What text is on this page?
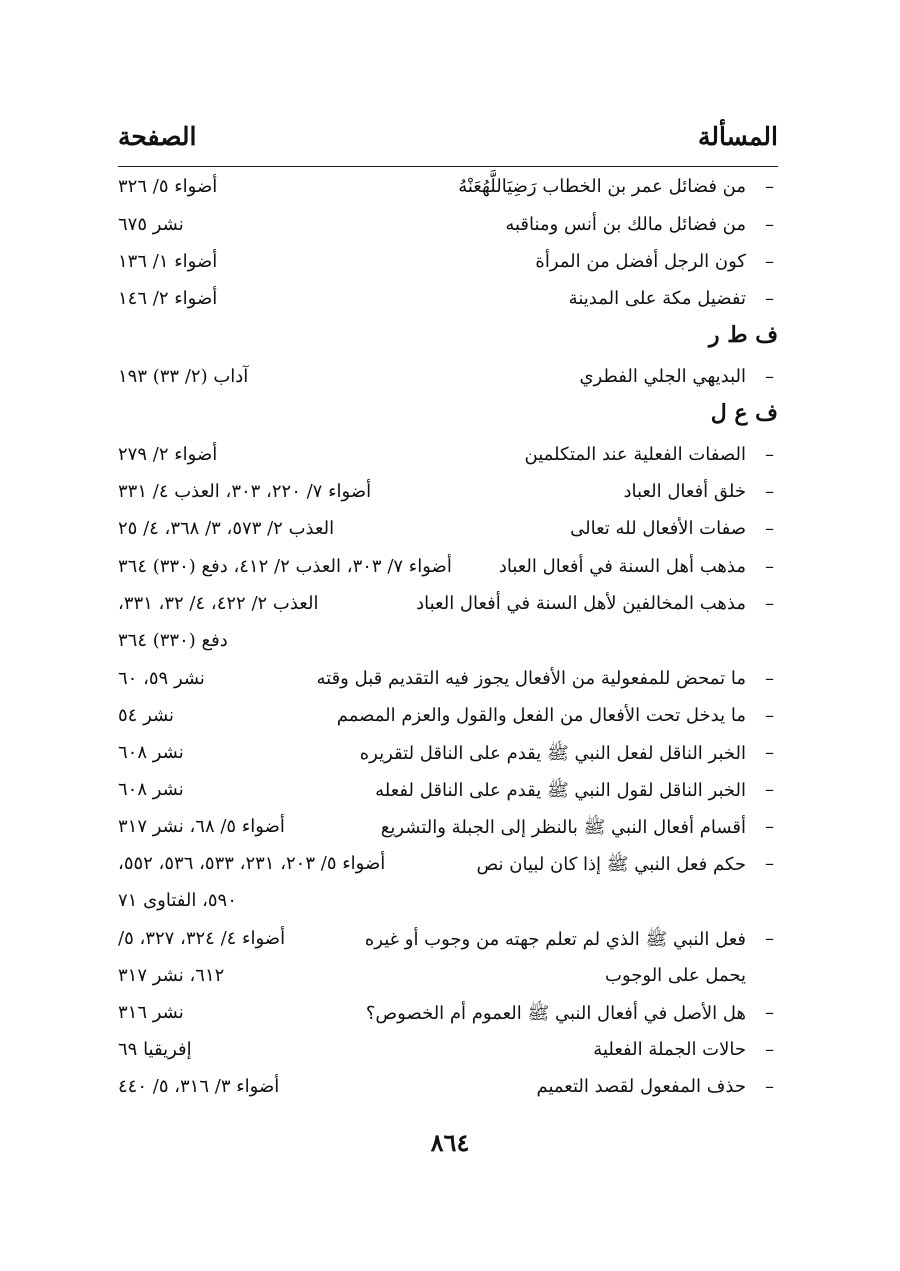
المسألة
الصفحة
–
من فضائل عمر بن الخطاب رَضِيَاللَّهُعَنْهُ
أضواء ٥/ ٣٢٦
–
من فضائل مالك بن أنس ومناقبه
نشر ٦٧٥
–
كون الرجل أفضل من المرأة
أضواء ١/ ١٣٦
–
تفضيل مكة على المدينة
أضواء ٢/ ١٤٦
ف ط ر
–
البديهي الجلي الفطري
آداب (٢/ ٣٣) ١٩٣
ف ع ل
–
الصفات الفعلية عند المتكلمين
أضواء ٢/ ٢٧٩
–
خلق أفعال العباد
أضواء ٧/ ٢٢٠، ٣٠٣، العذب ٤/ ٣٣١
–
صفات الأفعال لله تعالى
العذب ٢/ ٥٧٣، ٣/ ٣٦٨، ٤/ ٢٥
–
مذهب أهل السنة في أفعال العباد
أضواء ٧/ ٣٠٣، العذب ٢/ ٤١٢، دفع (٣٣٠) ٣٦٤
–
مذهب المخالفين لأهل السنة في أفعال العباد
العذب ٢/ ٤٢٢، ٤/ ٣٢، ٣٣١،
دفع (٣٣٠) ٣٦٤
–
ما تمحض للمفعولية من الأفعال يجوز فيه التقديم قبل وقته
نشر ٥٩، ٦٠
–
ما يدخل تحت الأفعال من الفعل والقول والعزم المصمم
نشر ٥٤
–
الخبر الناقل لفعل النبي ﷺ يقدم على الناقل لتقريره
نشر ٦٠٨
–
الخبر الناقل لقول النبي ﷺ يقدم على الناقل لفعله
نشر ٦٠٨
–
أقسام أفعال النبي ﷺ بالنظر إلى الجبلة والتشريع
أضواء ٥/ ٦٨، نشر ٣١٧
–
حكم فعل النبي ﷺ إذا كان لبيان نص
أضواء ٥/ ٢٠٣، ٢٣١، ٥٣٣، ٥٣٦، ٥٥٢،
٥٩٠، الفتاوى ٧١
–
فعل النبي ﷺ الذي لم تعلم جهته من وجوب أو غيره
أضواء ٤/ ٣٢٤، ٣٢٧، ٥/
يحمل على الوجوب
٦١٢، نشر ٣١٧
–
هل الأصل في أفعال النبي ﷺ العموم أم الخصوص؟
نشر ٣١٦
–
حالات الجملة الفعلية
إفريقيا ٦٩
–
حذف المفعول لقصد التعميم
أضواء ٣/ ٣١٦، ٥/ ٤٤٠
٨٦٤
